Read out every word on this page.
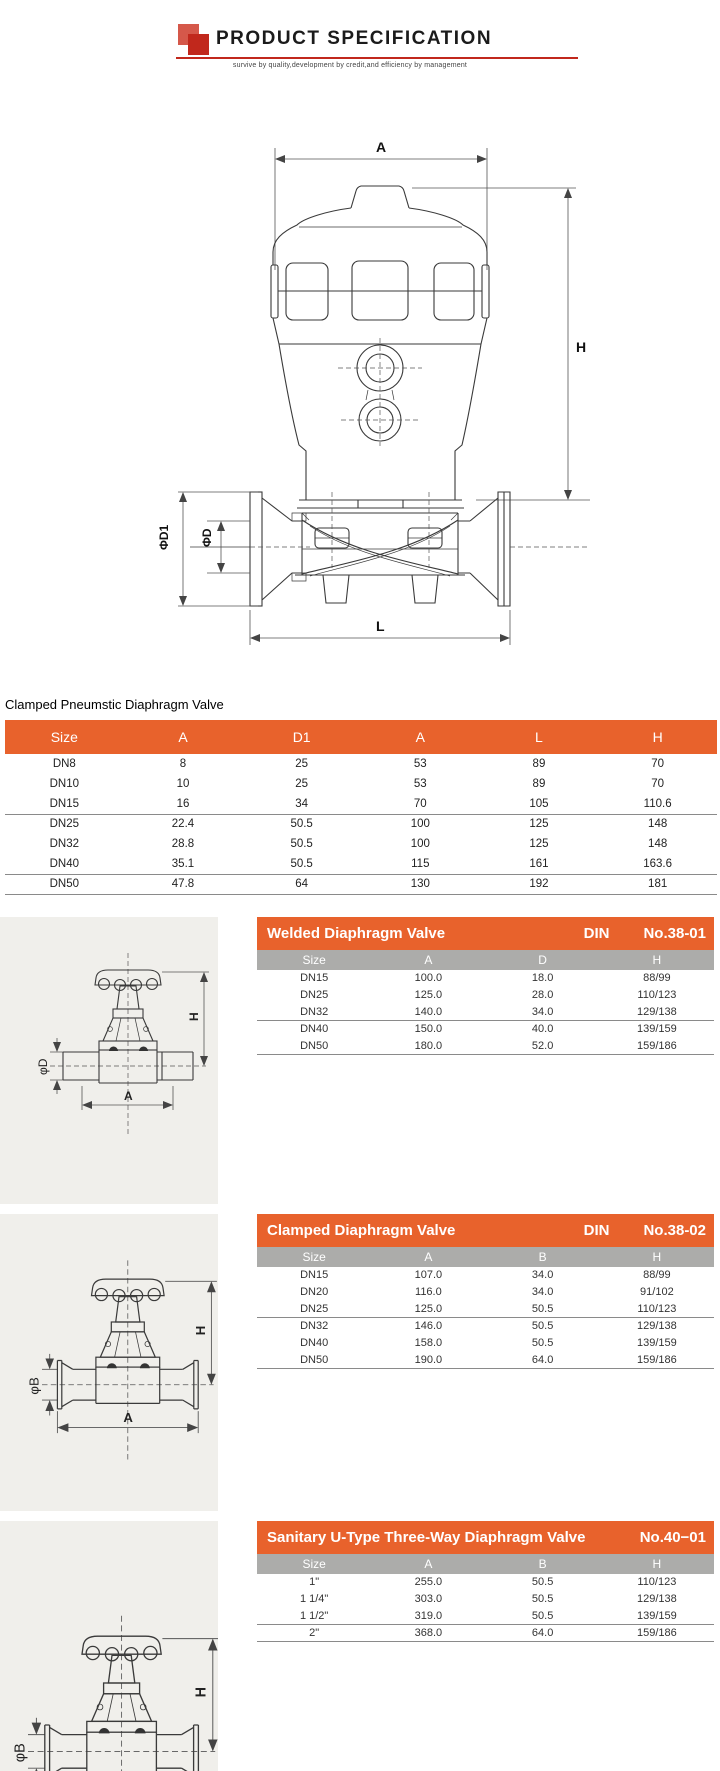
PRODUCT SPECIFICATION
survive by quality,development by credit,and efficiency by management
A
H
ΦD1 ΦD
L
Clamped Pneumstic Diaphragm Valve
Size	A	D1	A	L	H
DN8	8	25	53	89	70
DN10	10	25	53	89	70
DN15	16	34	70	105	110.6
DN25	22.4	50.5	100	125	148
DN32	28.8	50.5	100	125	148
DN40	35.1	50.5	115	161	163.6
DN50	47.8	64	130	192	181
H
φD
A
Welded Diaphragm Valve	DIN No.38-01
Size	A	D	H
DN15	100.0	18.0	88/99
DN25	125.0	28.0	110/123
DN32	140.0	34.0	129/138
DN40	150.0	40.0	139/159
DN50	180.0	52.0	159/186
H
φB
A
Clamped Diaphragm Valve	DIN No.38-02
Size	A	B	H
DN15	107.0	34.0	88/99
DN20	116.0	34.0	91/102
DN25	125.0	50.5	110/123
DN32	146.0	50.5	129/138
DN40	158.0	50.5	139/159
DN50	190.0	64.0	159/186
H
φB
Sanitary U-Type Three-Way Diaphragm Valve	No.40−01
Size	A	B	H
1"	255.0	50.5	110/123
1 1/4"	303.0	50.5	129/138
1 1/2"	319.0	50.5	139/159
2"	368.0	64.0	159/186
